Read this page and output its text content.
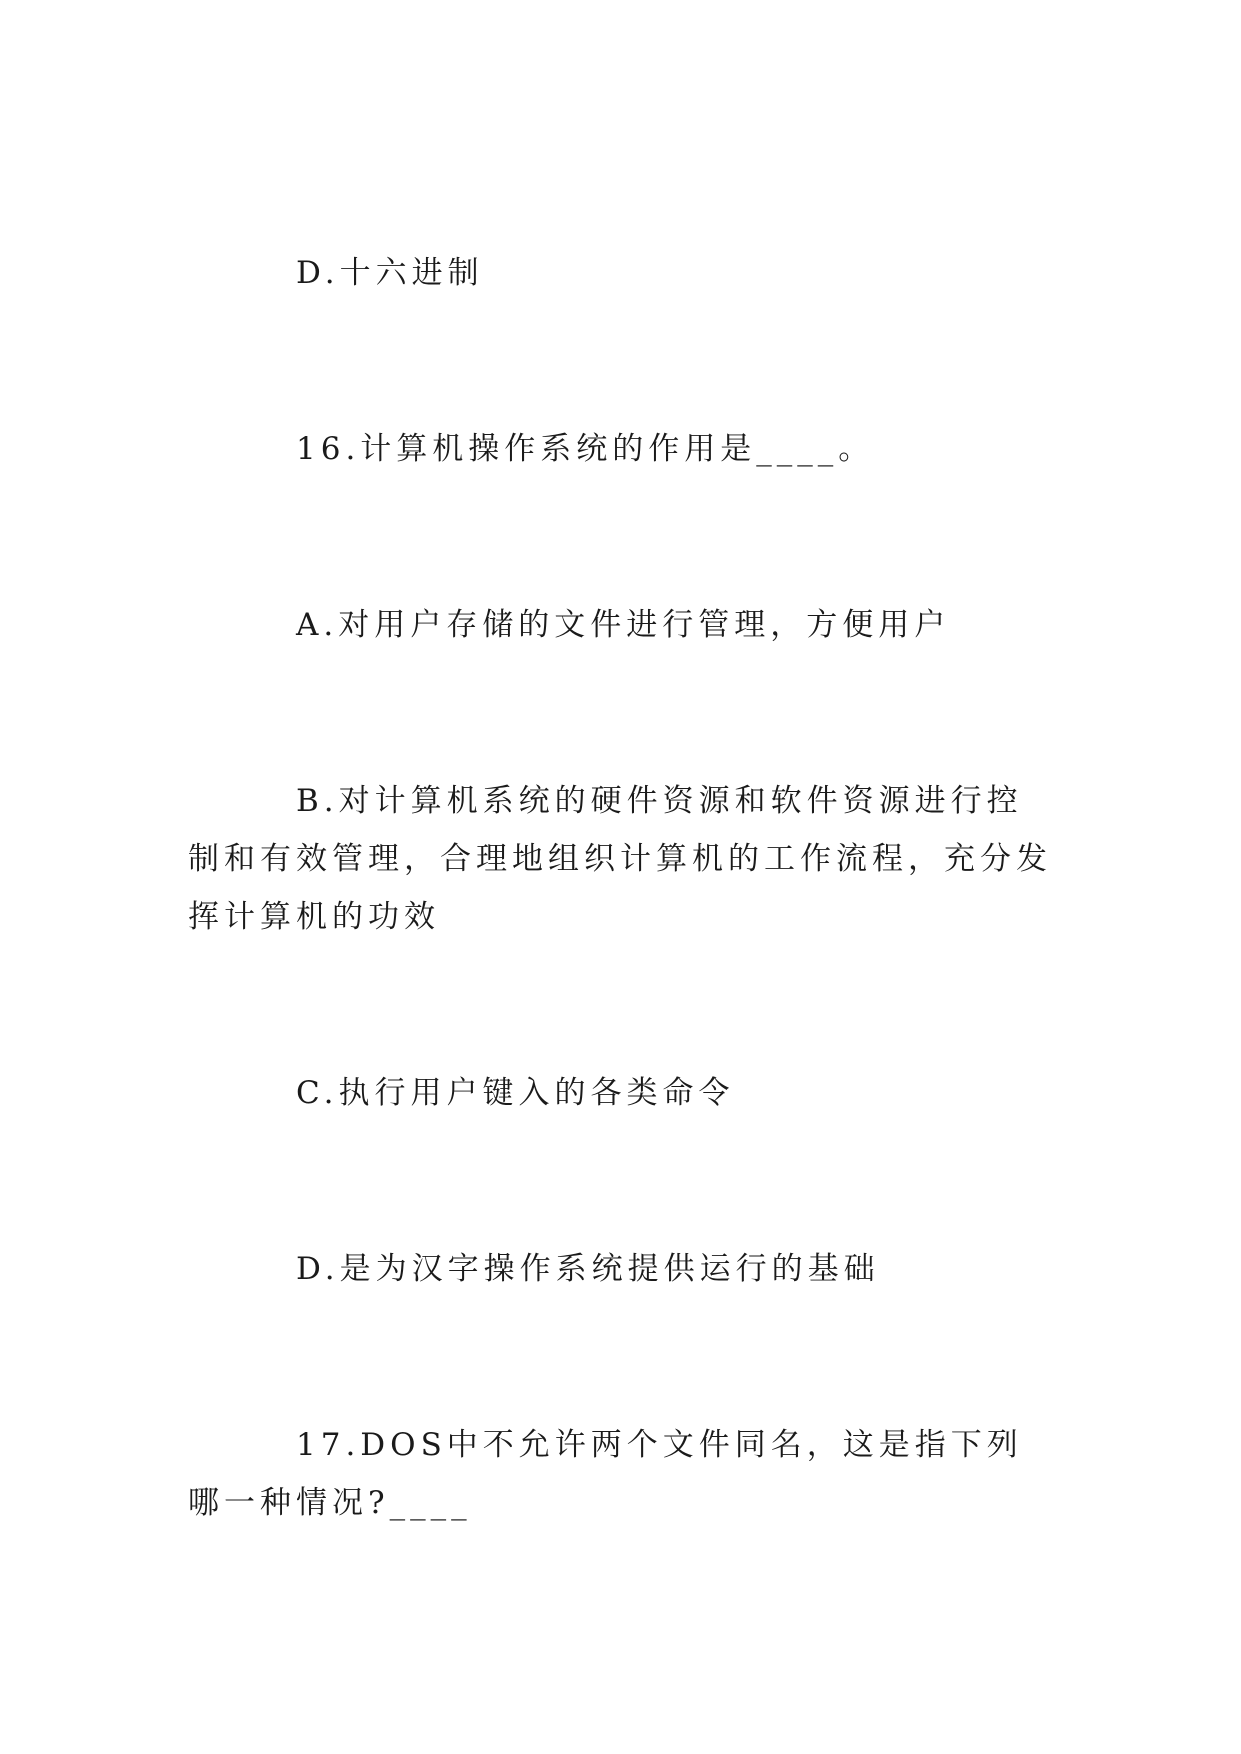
D.十六进制

16.计算机操作系统的作用是____。

A.对用户存储的文件进行管理，方便用户

B.对计算机系统的硬件资源和软件资源进行控制和有效管理，合理地组织计算机的工作流程，充分发挥计算机的功效

C.执行用户键入的各类命令

D.是为汉字操作系统提供运行的基础

17.DOS中不允许两个文件同名，这是指下列哪一种情况?____
